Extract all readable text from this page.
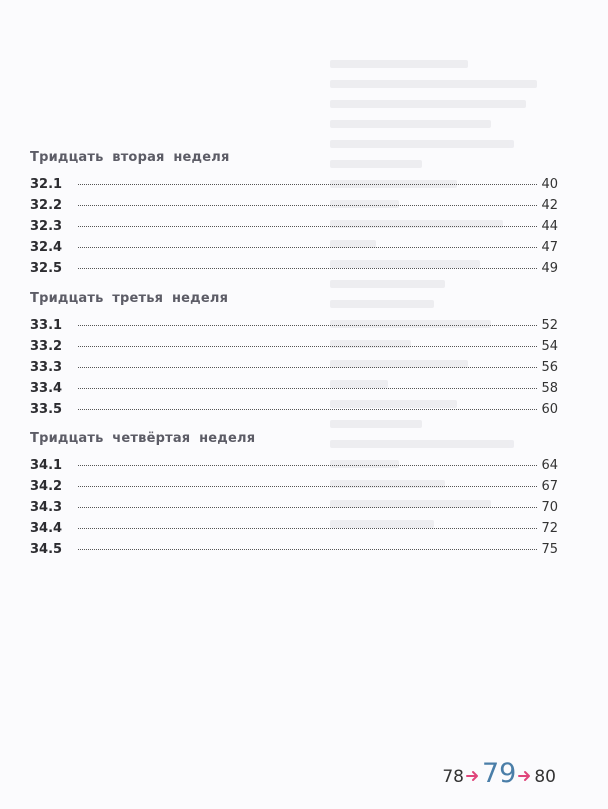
Тридцать вторая неделя
32.1	40
32.2	42
32.3	44
32.4	47
32.5	49
Тридцать третья неделя
33.1	52
33.2	54
33.3	56
33.4	58
33.5	60
Тридцать четвёртая неделя
34.1	64
34.2	67
34.3	70
34.4	72
34.5	75
78 79 80
